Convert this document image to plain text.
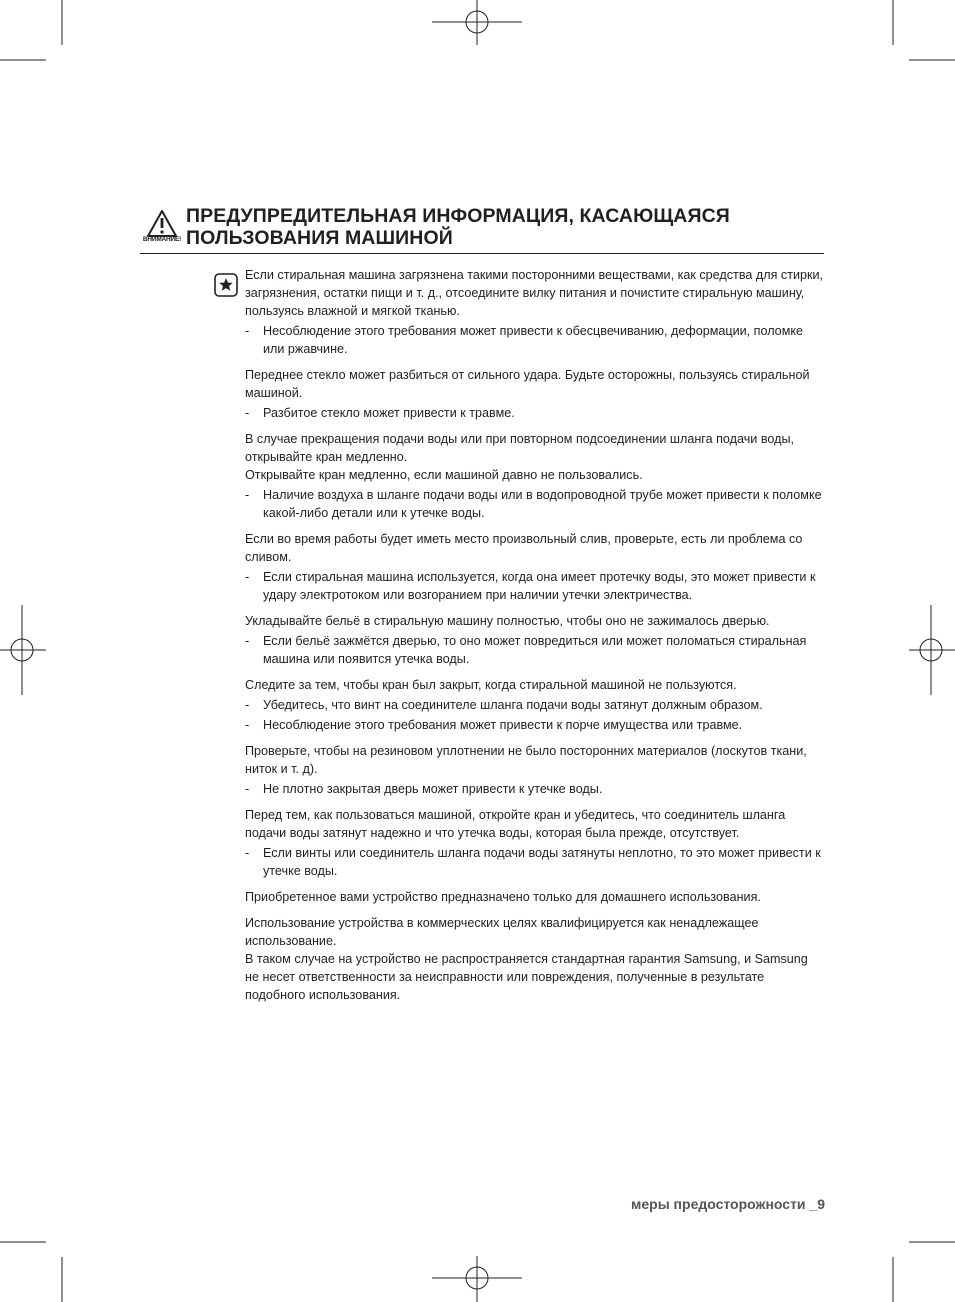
ВНИМАНИЕ!
ПРЕДУПРЕДИТЕЛЬНАЯ ИНФОРМАЦИЯ, КАСАЮЩАЯСЯ ПОЛЬЗОВАНИЯ МАШИНОЙ

Если стиральная машина загрязнена такими посторонними веществами, как средства для стирки, загрязнения, остатки пищи и т. д., отсоедините вилку питания и почистите стиральную машину, пользуясь влажной и мягкой тканью.

- Несоблюдение этого требования может привести к обесцвечиванию, деформации, поломке или ржавчине.

Переднее стекло может разбиться от сильного удара. Будьте осторожны, пользуясь стиральной машиной.

- Разбитое стекло может привести к травме.

В случае прекращения подачи воды или при повторном подсоединении шланга подачи воды, открывайте кран медленно.

Открывайте кран медленно, если машиной давно не пользовались.

- Наличие воздуха в шланге подачи воды или в водопроводной трубе может привести к поломке какой-либо детали или к утечке воды.

Если во время работы будет иметь место произвольный слив, проверьте, есть ли проблема со сливом.

- Если стиральная машина используется, когда она имеет протечку воды, это может привести к удару электротоком или возгоранием при наличии утечки электричества.

Укладывайте бельё в стиральную машину полностью, чтобы оно не зажималось дверью.

- Если бельё зажмётся дверью, то оно может повредиться или может поломаться стиральная машина или появится утечка воды.

Следите за тем, чтобы кран был закрыт, когда стиральной машиной не пользуются.

- Убедитесь, что винт на соединителе шланга подачи воды затянут должным образом.
- Несоблюдение этого требования может привести к порче имущества или травме.

Проверьте, чтобы на резиновом уплотнении не было посторонних материалов (лоскутов ткани, ниток и т. д).

- Не плотно закрытая дверь может привести к утечке воды.

Перед тем, как пользоваться машиной, откройте кран и убедитесь, что соединитель шланга подачи воды затянут надежно и что утечка воды, которая была прежде, отсутствует.

- Если винты или соединитель шланга подачи воды затянуты неплотно, то это может привести к утечке воды.

Приобретенное вами устройство предназначено только для домашнего использования.

Использование устройства в коммерческих целях квалифицируется как ненадлежащее использование.

В таком случае на устройство не распространяется стандартная гарантия Samsung, и Samsung не несет ответственности за неисправности или повреждения, полученные в результате подобного использования.

меры предосторожности _9
